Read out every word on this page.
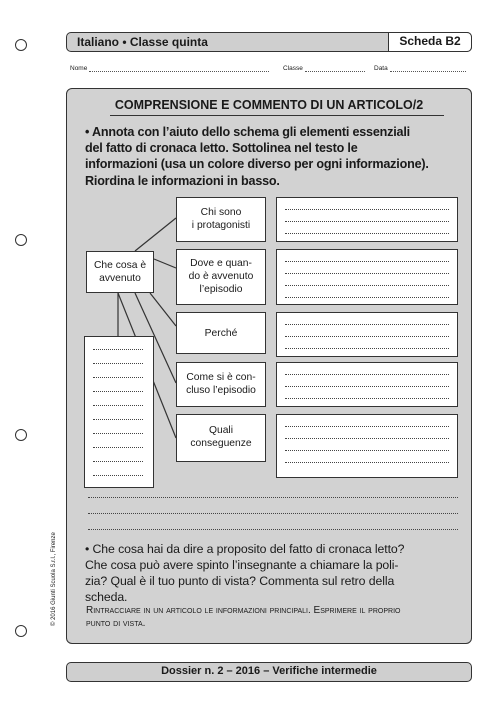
Italiano • Classe quinta	Scheda B2
Nome	Classe	Data
COMPRENSIONE E COMMENTO DI UN ARTICOLO/2
• Annota con l’aiuto dello schema gli elementi essenziali
del fatto di cronaca letto. Sottolinea nel testo le
informazioni (usa un colore diverso per ogni informazione).
Riordina le informazioni in basso.
Che cosa è
avvenuto
Chi sono
i protagonisti
Dove e quan-
do è avvenuto
l’episodio
Perché
Come si è con-
cluso l’episodio
Quali
conseguenze
• Che cosa hai da dire a proposito del fatto di cronaca letto?
Che cosa può avere spinto l’insegnante a chiamare la poli-
zia? Qual è il tuo punto di vista? Commenta sul retro della
scheda.
Rintracciare in un articolo le informazioni principali. Esprimere il proprio
punto di vista.
© 2016 Giunti Scuola S.r.l., Firenze
Dossier n. 2 – 2016 – Verifiche intermedie
